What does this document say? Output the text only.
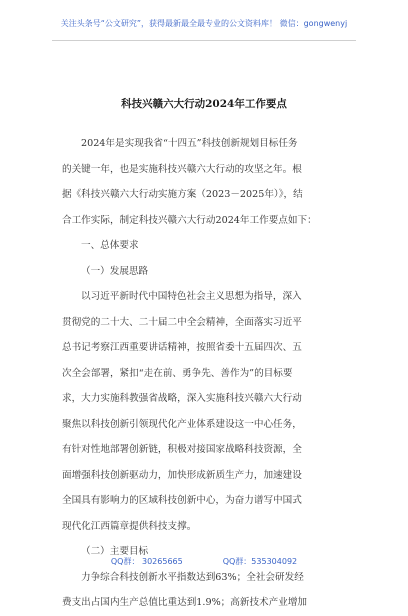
关注头条号“公文研究”，获得最新最全最专业的公文资料库！ 微信：gongwenyj
科技兴赣六大行动2024年工作要点
2024年是实现我省“十四五”科技创新规划目标任务
的关键一年，也是实施科技兴赣六大行动的攻坚之年。根
据《科技兴赣六大行动实施方案（2023－2025年）》，结
合工作实际，制定科技兴赣六大行动2024年工作要点如下：
一、总体要求
（一）发展思路
以习近平新时代中国特色社会主义思想为指导，深入
贯彻党的二十大、二十届二中全会精神，全面落实习近平
总书记考察江西重要讲话精神，按照省委十五届四次、五
次全会部署，紧扣“走在前、勇争先、善作为”的目标要
求，大力实施科教强省战略，深入实施科技兴赣六大行动
聚焦以科技创新引领现代化产业体系建设这一中心任务，
有针对性地部署创新链，积极对接国家战略科技资源，全
面增强科技创新驱动力，加快形成新质生产力，加速建设
全国具有影响力的区域科技创新中心，为奋力谱写中国式
现代化江西篇章提供科技支撑。
（二）主要目标
力争综合科技创新水平指数达到63%；全社会研发经
费支出占国内生产总值比重达到1.9%；高新技术产业增加
QQ群： 30265665	QQ群：535304092
